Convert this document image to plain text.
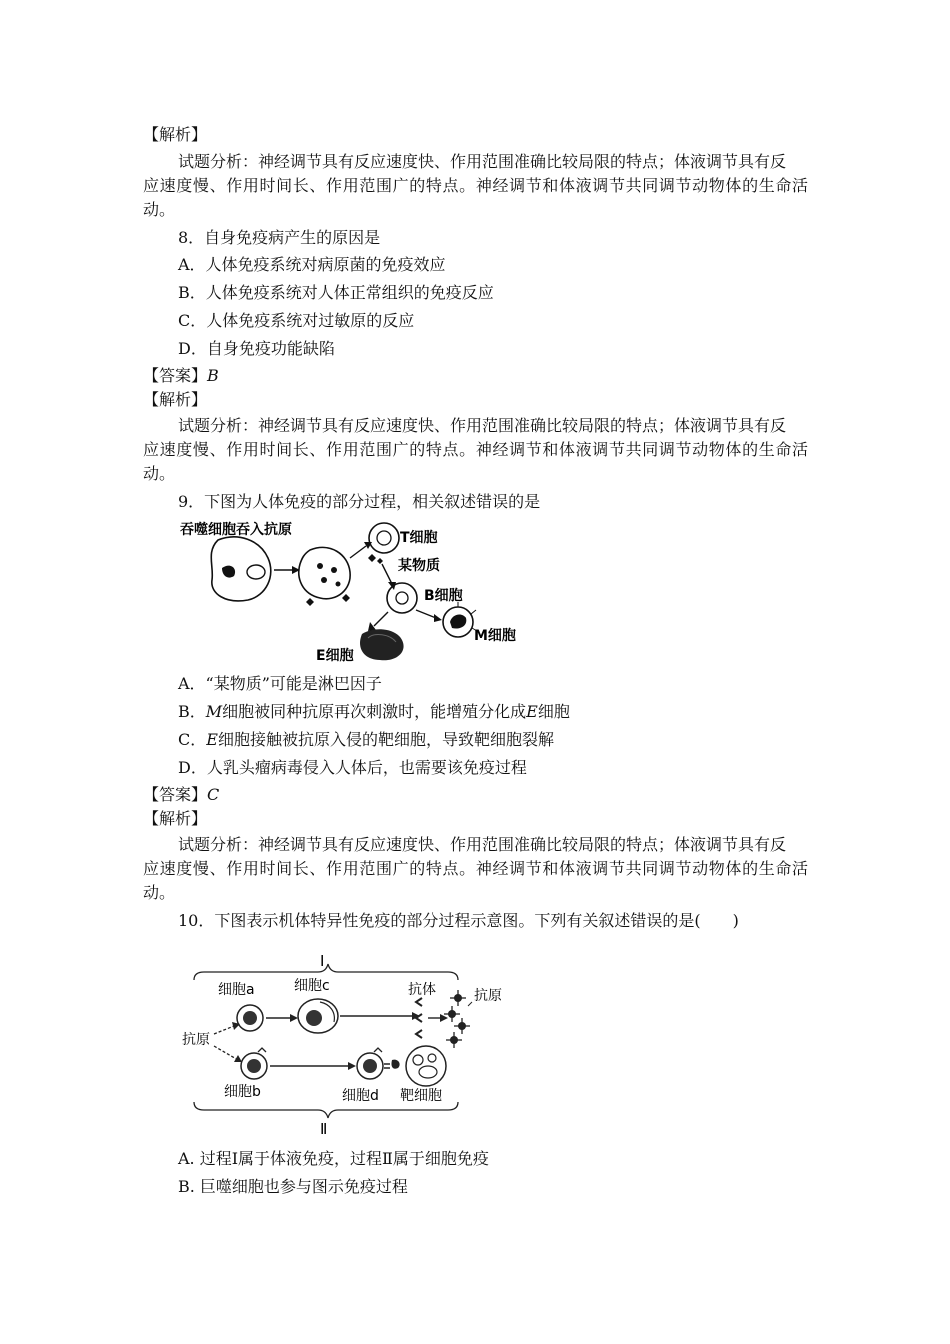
【解析】
试题分析：神经调节具有反应速度快、作用范围准确比较局限的特点；体液调节具有反
应速度慢、作用时间长、作用范围广的特点。神经调节和体液调节共同调节动物体的生命活
动。
8．自身免疫病产生的原因是
A．人体免疫系统对病原菌的免疫效应
B．人体免疫系统对人体正常组织的免疫反应
C．人体免疫系统对过敏原的反应
D．自身免疫功能缺陷
【答案】B
【解析】
试题分析：神经调节具有反应速度快、作用范围准确比较局限的特点；体液调节具有反
应速度慢、作用时间长、作用范围广的特点。神经调节和体液调节共同调节动物体的生命活
动。
9．下图为人体免疫的部分过程，相关叙述错误的是
吞噬细胞吞入抗原	T细胞
某物质
B细胞
M细胞
E细胞
A．“某物质”可能是淋巴因子
B．M细胞被同种抗原再次刺激时，能增殖分化成E细胞
C．E细胞接触被抗原入侵的靶细胞，导致靶细胞裂解
D．人乳头瘤病毒侵入人体后，也需要该免疫过程
【答案】C
【解析】
试题分析：神经调节具有反应速度快、作用范围准确比较局限的特点；体液调节具有反
应速度慢、作用时间长、作用范围广的特点。神经调节和体液调节共同调节动物体的生命活
动。
10．下图表示机体特异性免疫的部分过程示意图。下列有关叙述错误的是(　　)
Ⅰ
细胞a	细胞c	抗体	抗原
抗原
细胞b	细胞d 靶细胞
Ⅱ
A. 过程Ⅰ属于体液免疫，过程Ⅱ属于细胞免疫
B. 巨噬细胞也参与图示免疫过程
